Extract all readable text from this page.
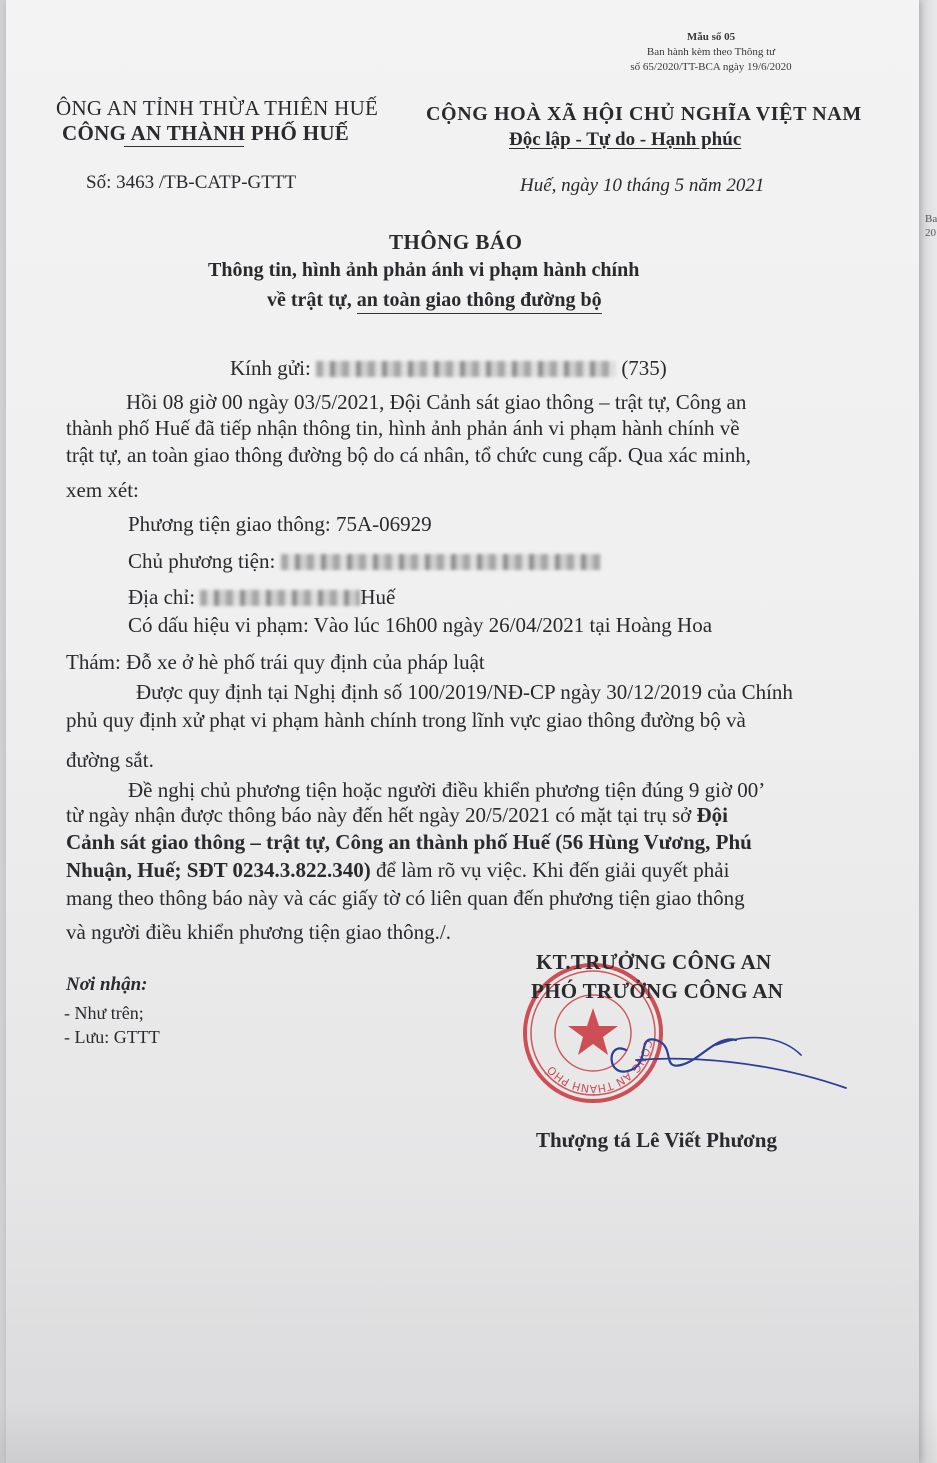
Ba
20
Mẫu số 05
Ban hành kèm theo Thông tư
số 65/2020/TT-BCA ngày 19/6/2020
ÔNG AN TỈNH THỪA THIÊN HUẾ
CÔNG AN THÀNH PHỐ HUẾ
CỘNG HOÀ XÃ HỘI CHỦ NGHĨA VIỆT NAM
Độc lập - Tự do - Hạnh phúc
Số: 3463 /TB-CATP-GTTT	Huế, ngày 10 tháng 5 năm 2021
THÔNG BÁO
Thông tin, hình ảnh phản ánh vi phạm hành chính
về trật tự, an toàn giao thông đường bộ
Kính gửi:	(735)
Hồi 08 giờ 00 ngày 03/5/2021, Đội Cảnh sát giao thông – trật tự, Công an
thành phố Huế đã tiếp nhận thông tin, hình ảnh phản ánh vi phạm hành chính về
trật tự, an toàn giao thông đường bộ do cá nhân, tổ chức cung cấp. Qua xác minh,
xem xét:
Phương tiện giao thông: 75A-06929
Chủ phương tiện:
Địa chỉ:	Huế
Có dấu hiệu vi phạm: Vào lúc 16h00 ngày 26/04/2021 tại Hoàng Hoa
Thám: Đỗ xe ở hè phố trái quy định của pháp luật
Được quy định tại Nghị định số 100/2019/NĐ-CP ngày 30/12/2019 của Chính
phủ quy định xử phạt vi phạm hành chính trong lĩnh vực giao thông đường bộ và
đường sắt.
Đề nghị chủ phương tiện hoặc người điều khiển phương tiện đúng 9 giờ 00’
từ ngày nhận được thông báo này đến hết ngày 20/5/2021 có mặt tại trụ sở Đội
Cảnh sát giao thông – trật tự, Công an thành phố Huế (56 Hùng Vương, Phú
Nhuận, Huế; SĐT 0234.3.822.340) để làm rõ vụ việc. Khi đến giải quyết phải
mang theo thông báo này và các giấy tờ có liên quan đến phương tiện giao thông
và người điều khiển phương tiện giao thông./.
Nơi nhận:
- Như trên;
- Lưu: GTTT	CÔNG AN THÀNH PHỐ
KT.TRƯỞNG CÔNG AN
PHÓ TRƯỞNG CÔNG AN
Thượng tá Lê Viết Phương
